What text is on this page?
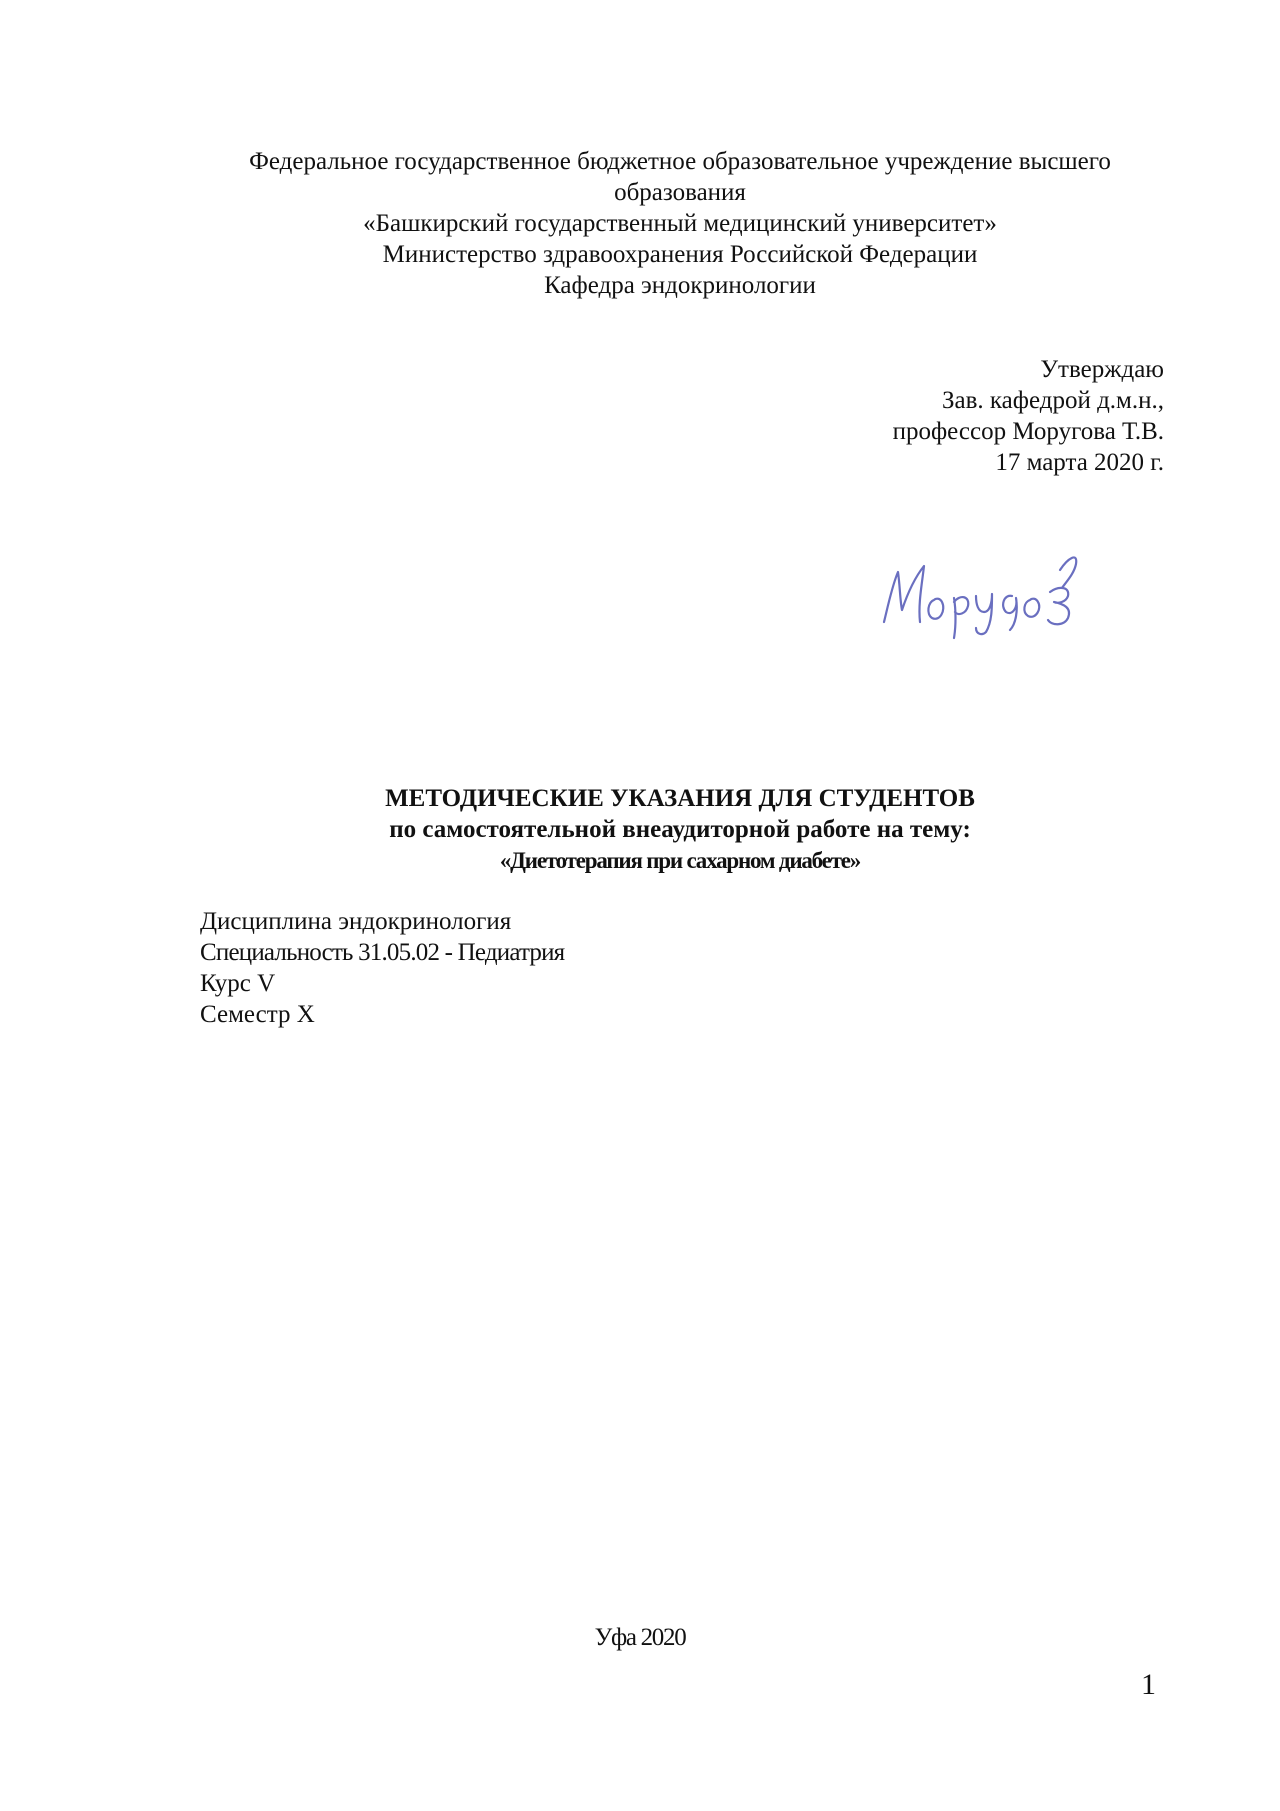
Федеральное государственное бюджетное образовательное учреждение высшего
образования
«Башкирский государственный медицинский университет»
Министерство здравоохранения Российской Федерации
Кафедра эндокринологии
Утверждаю
Зав. кафедрой д.м.н.,
профессор Моругова Т.В.
17 марта 2020 г.
МЕТОДИЧЕСКИЕ УКАЗАНИЯ ДЛЯ СТУДЕНТОВ
по самостоятельной внеаудиторной работе на тему:
«Диетотерапия при сахарном диабете»
Дисциплина эндокринология
Специальность 31.05.02 - Педиатрия
Курс V
Семестр X
Уфа 2020
1
